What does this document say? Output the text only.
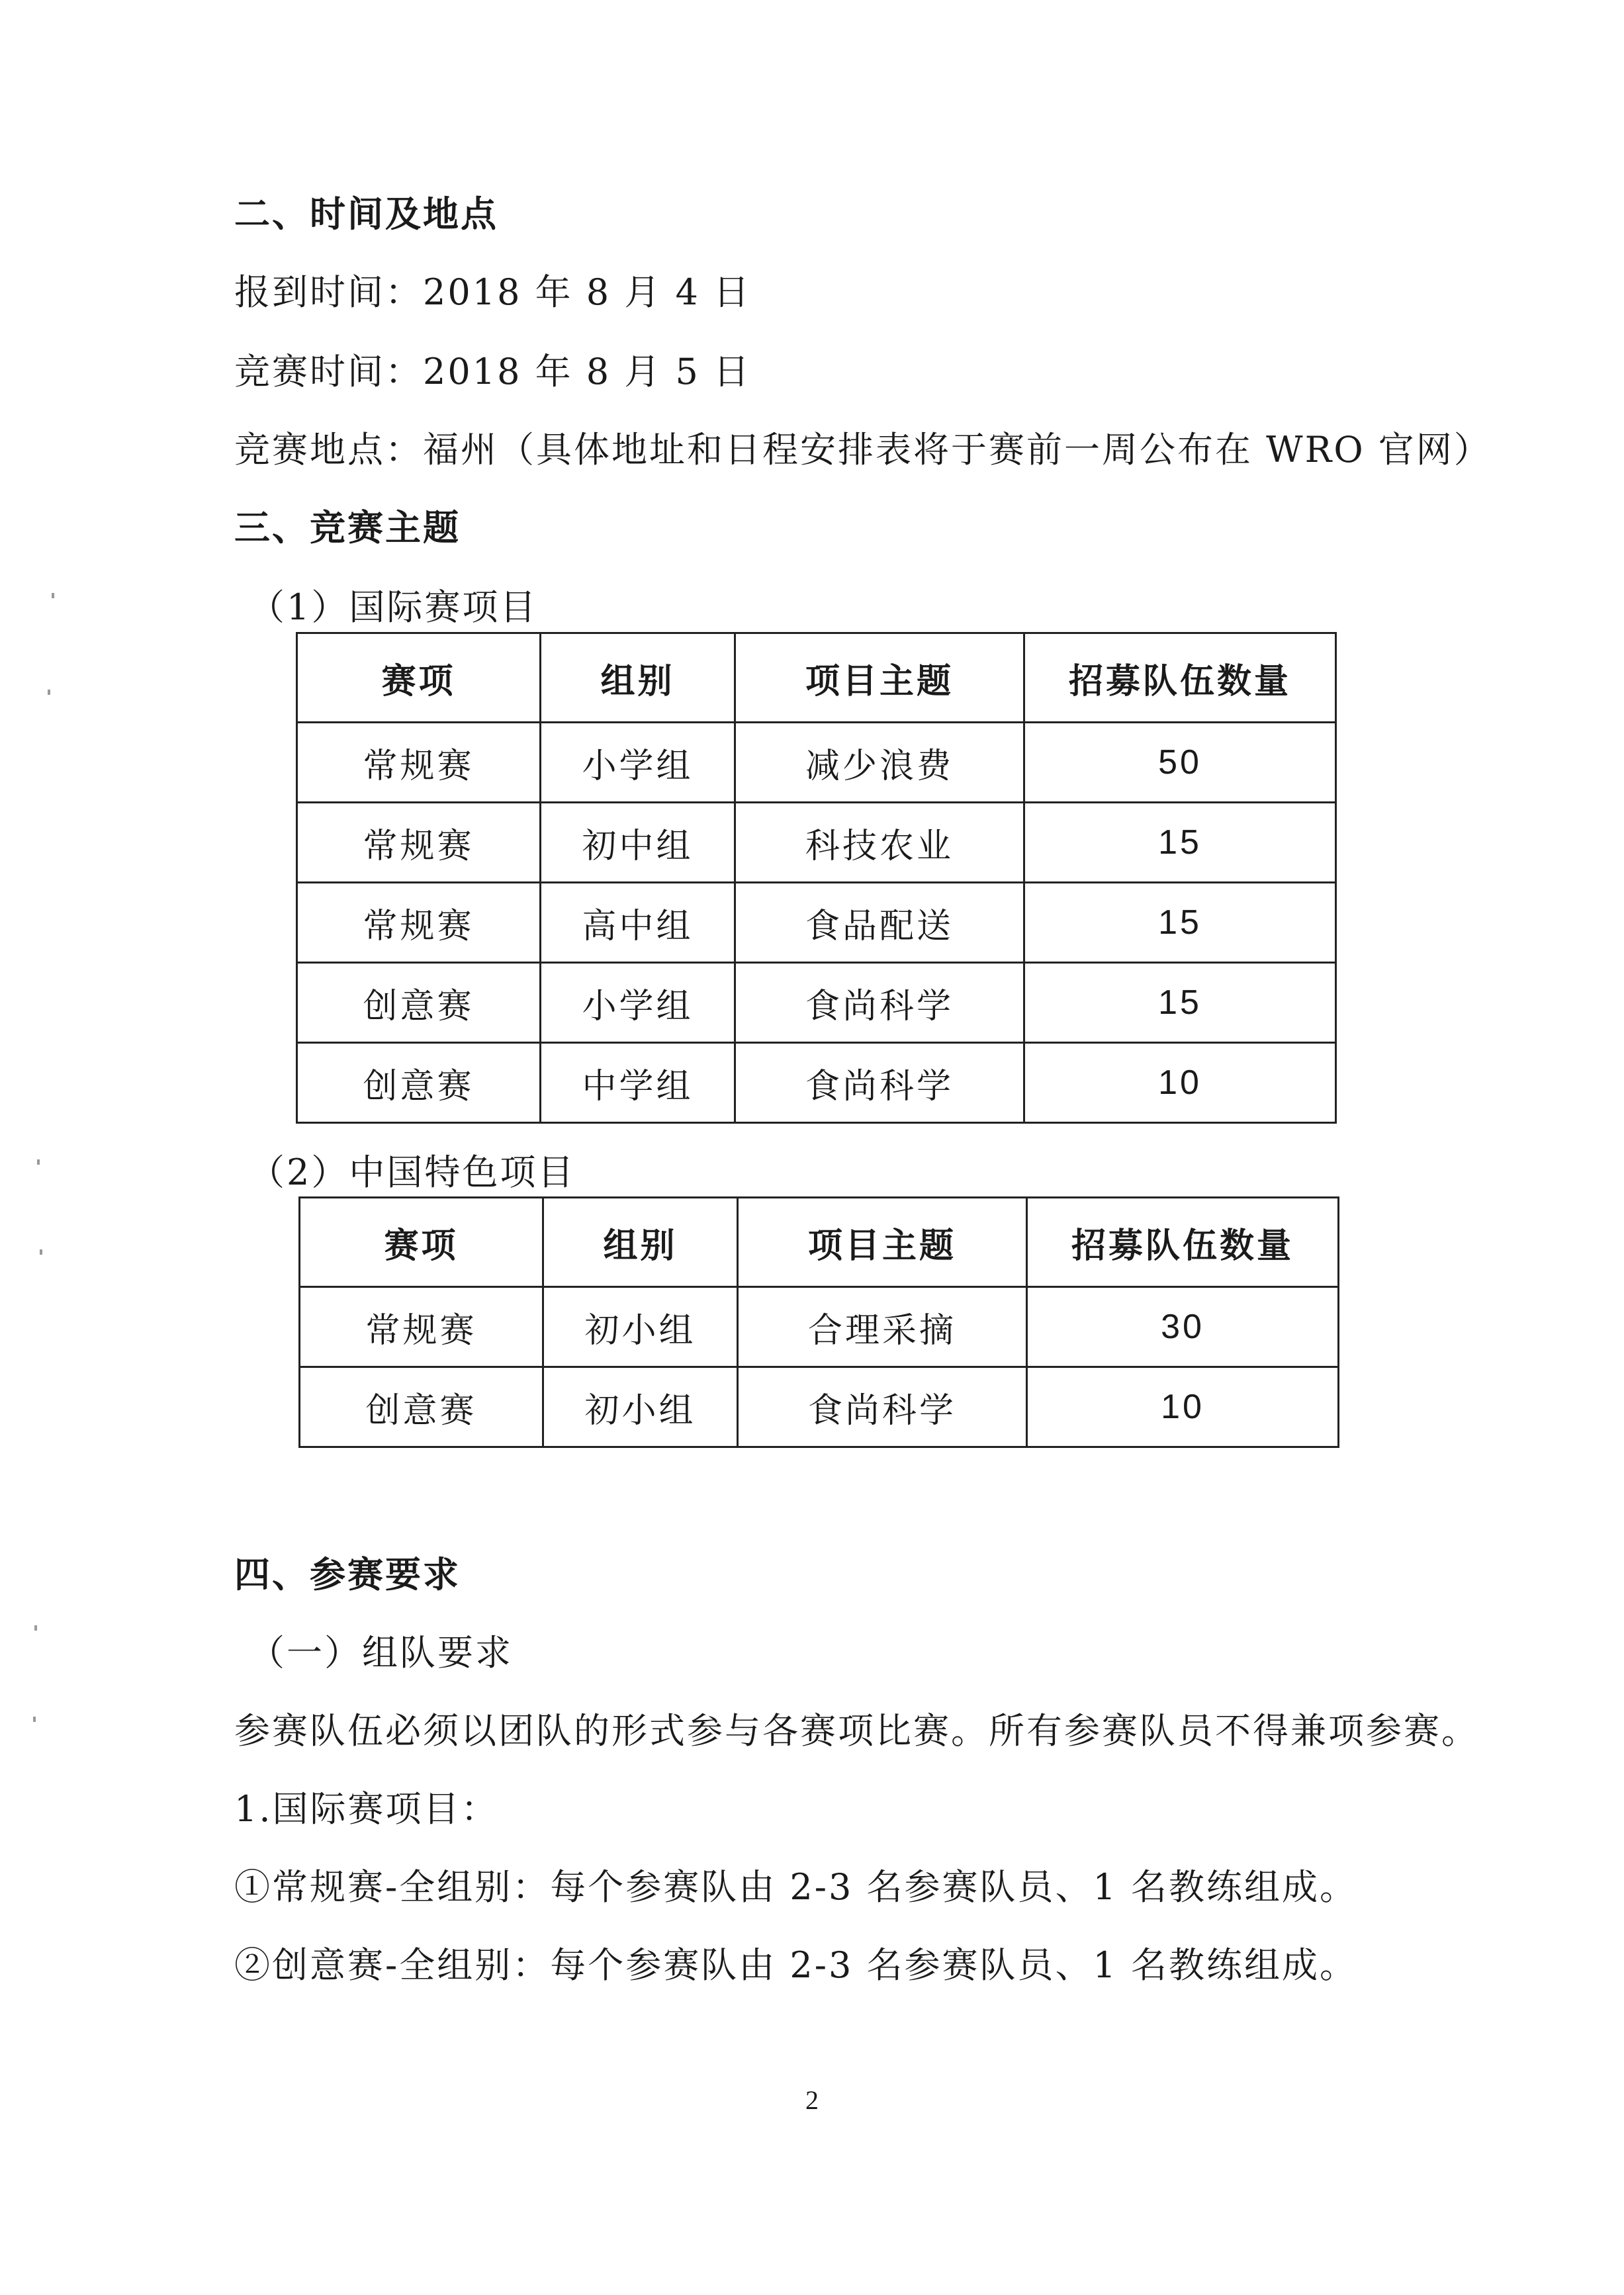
二、时间及地点
报到时间：2018 年 8 月 4 日
竞赛时间：2018 年 8 月 5 日
竞赛地点：福州（具体地址和日程安排表将于赛前一周公布在 WRO 官网）
三、竞赛主题
（1）国际赛项目
赛项	组别	项目主题	招募队伍数量
常规赛	小学组	减少浪费	50
常规赛	初中组	科技农业	15
常规赛	高中组	食品配送	15
创意赛	小学组	食尚科学	15
创意赛	中学组	食尚科学	10
（2）中国特色项目
赛项	组别	项目主题	招募队伍数量
常规赛	初小组	合理采摘	30
创意赛	初小组	食尚科学	10
四、参赛要求
（一）组队要求
参赛队伍必须以团队的形式参与各赛项比赛。所有参赛队员不得兼项参赛。
1.国际赛项目：
①常规赛-全组别：每个参赛队由 2-3 名参赛队员、1 名教练组成。
②创意赛-全组别：每个参赛队由 2-3 名参赛队员、1 名教练组成。
2
